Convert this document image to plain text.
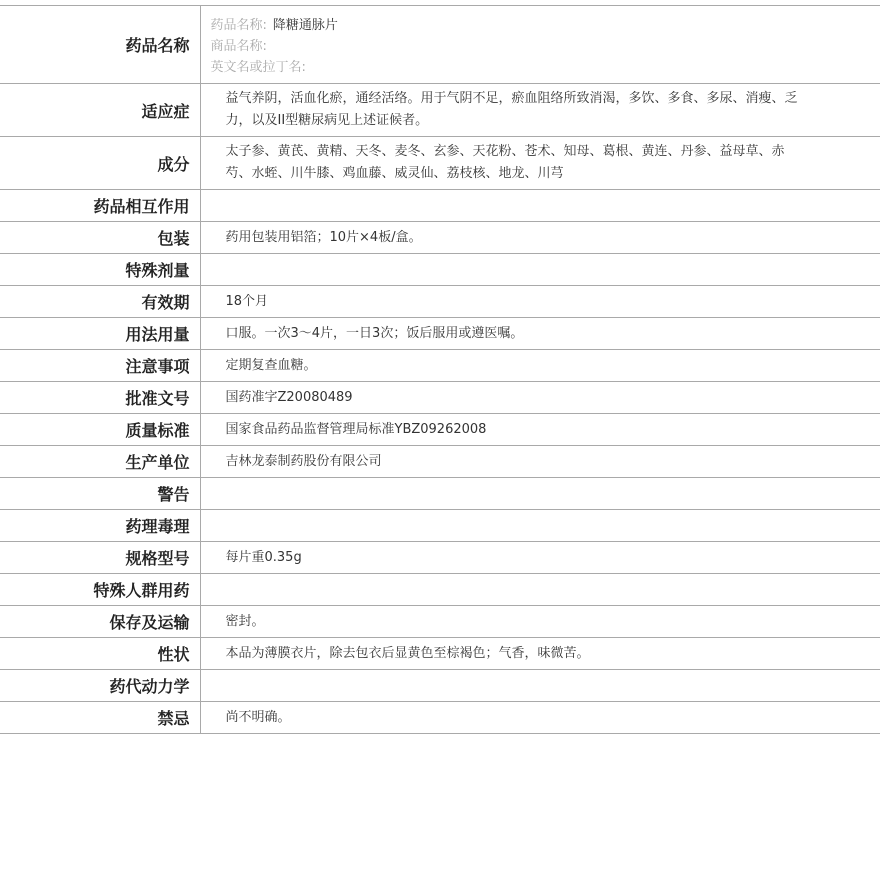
药品名称	药品名称: 降糖通脉片
商品名称:
英文名或拉丁名:

适应症	益气养阴，活血化瘀，通经活络。用于气阴不足，瘀血阻络所致消渴，多饮、多食、多尿、消瘦、乏力，以及II型糖尿病见上述证候者。
成分	太子参、黄芪、黄精、天冬、麦冬、玄参、天花粉、苍术、知母、葛根、黄连、丹参、益母草、赤芍、水蛭、川牛膝、鸡血藤、威灵仙、荔枝核、地龙、川芎
药品相互作用	
包装	药用包装用铝箔；10片×4板/盒。
特殊剂量	
有效期	18个月
用法用量	口服。一次3～4片，一日3次；饭后服用或遵医嘱。
注意事项	定期复查血糖。
批准文号	国药准字Z20080489
质量标准	国家食品药品监督管理局标准YBZ09262008
生产单位	吉林龙泰制药股份有限公司
警告	
药理毒理	
规格型号	每片重0.35g
特殊人群用药	
保存及运输	密封。
性状	本品为薄膜衣片，除去包衣后显黄色至棕褐色；气香，味微苦。
药代动力学	
禁忌	尚不明确。
